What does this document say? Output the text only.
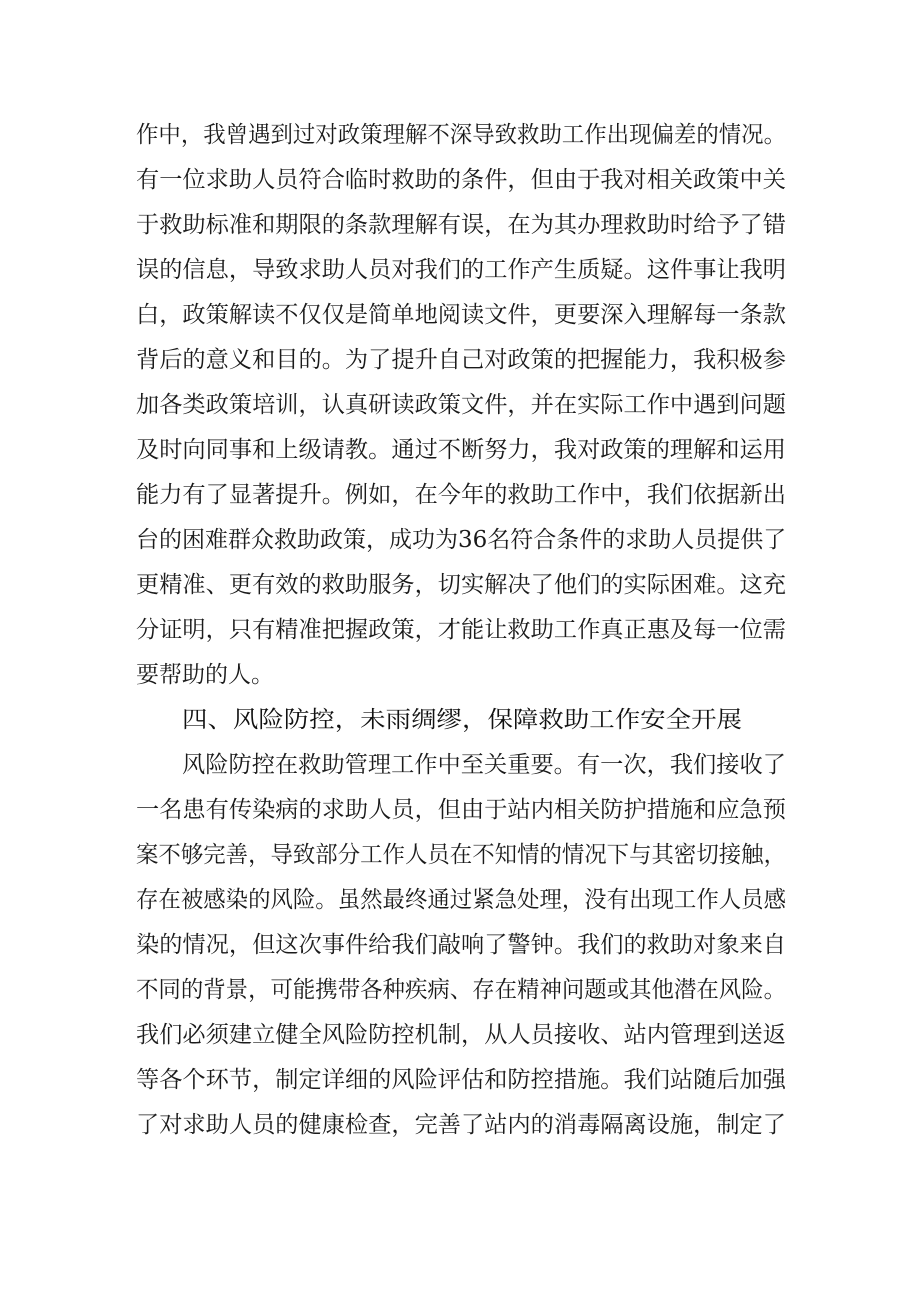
作中，我曾遇到过对政策理解不深导致救助工作出现偏差的情况。
有一位求助人员符合临时救助的条件，但由于我对相关政策中关
于救助标准和期限的条款理解有误，在为其办理救助时给予了错
误的信息，导致求助人员对我们的工作产生质疑。这件事让我明
白，政策解读不仅仅是简单地阅读文件，更要深入理解每一条款
背后的意义和目的。为了提升自己对政策的把握能力，我积极参
加各类政策培训，认真研读政策文件，并在实际工作中遇到问题
及时向同事和上级请教。通过不断努力，我对政策的理解和运用
能力有了显著提升。例如，在今年的救助工作中，我们依据新出
台的困难群众救助政策，成功为36名符合条件的求助人员提供了
更精准、更有效的救助服务，切实解决了他们的实际困难。这充
分证明，只有精准把握政策，才能让救助工作真正惠及每一位需
要帮助的人。
四、风险防控，未雨绸缪，保障救助工作安全开展
风险防控在救助管理工作中至关重要。有一次，我们接收了
一名患有传染病的求助人员，但由于站内相关防护措施和应急预
案不够完善，导致部分工作人员在不知情的情况下与其密切接触，
存在被感染的风险。虽然最终通过紧急处理，没有出现工作人员感
染的情况，但这次事件给我们敲响了警钟。我们的救助对象来自
不同的背景，可能携带各种疾病、存在精神问题或其他潜在风险。
我们必须建立健全风险防控机制，从人员接收、站内管理到送返
等各个环节，制定详细的风险评估和防控措施。我们站随后加强
了对求助人员的健康检查，完善了站内的消毒隔离设施，制定了
